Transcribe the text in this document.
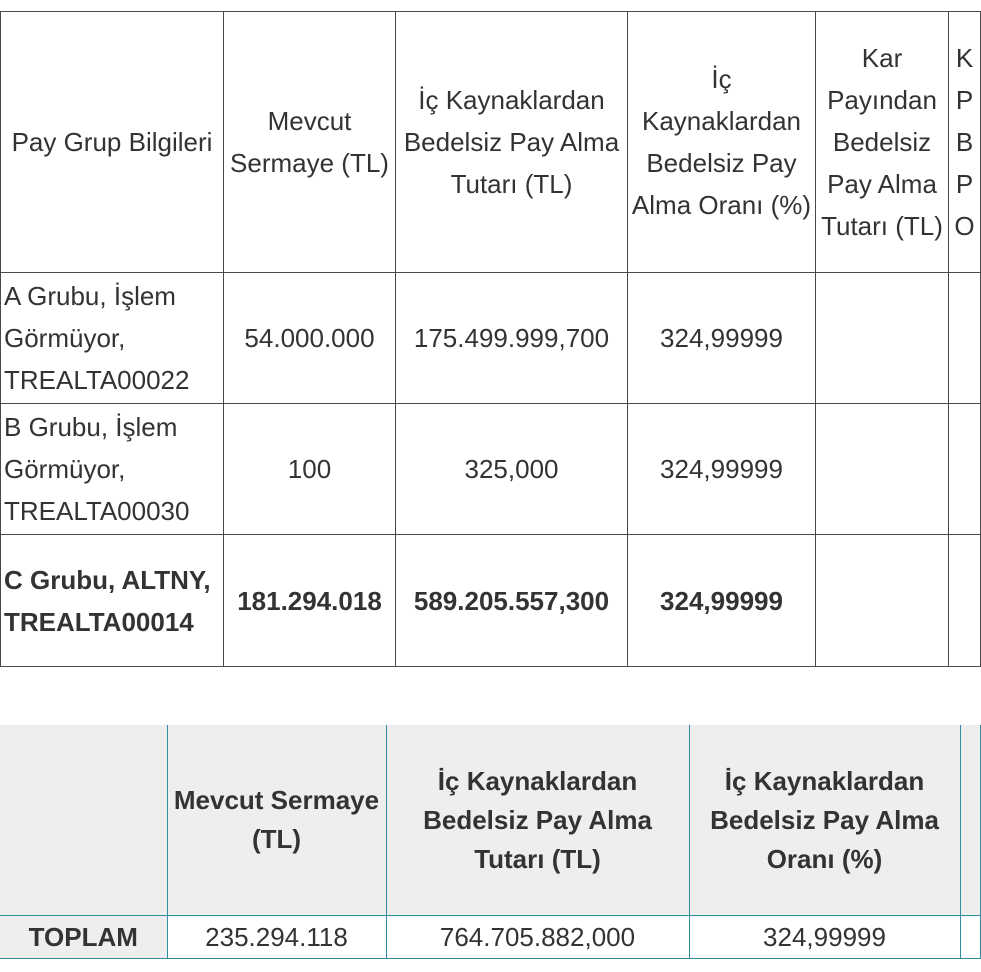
Pay Grup Bilgileri	Mevcut Sermaye (TL)	İç Kaynaklardan Bedelsiz Pay Alma Tutarı (TL)	İç Kaynaklardan Bedelsiz Pay Alma Oranı (%)	Kar Payından Bedelsiz Pay Alma Tutarı (TL)	K P B P O
A Grubu, İşlem Görmüyor, TREALTA00022	54.000.000	175.499.999,700	324,99999		
B Grubu, İşlem Görmüyor, TREALTA00030	100	325,000	324,99999		
C Grubu, ALTNY, TREALTA00014	181.294.018	589.205.557,300	324,99999		
	Mevcut Sermaye (TL)	İç Kaynaklardan Bedelsiz Pay Alma Tutarı (TL)	İç Kaynaklardan Bedelsiz Pay Alma Oranı (%)	
TOPLAM	235.294.118	764.705.882,000	324,99999	
